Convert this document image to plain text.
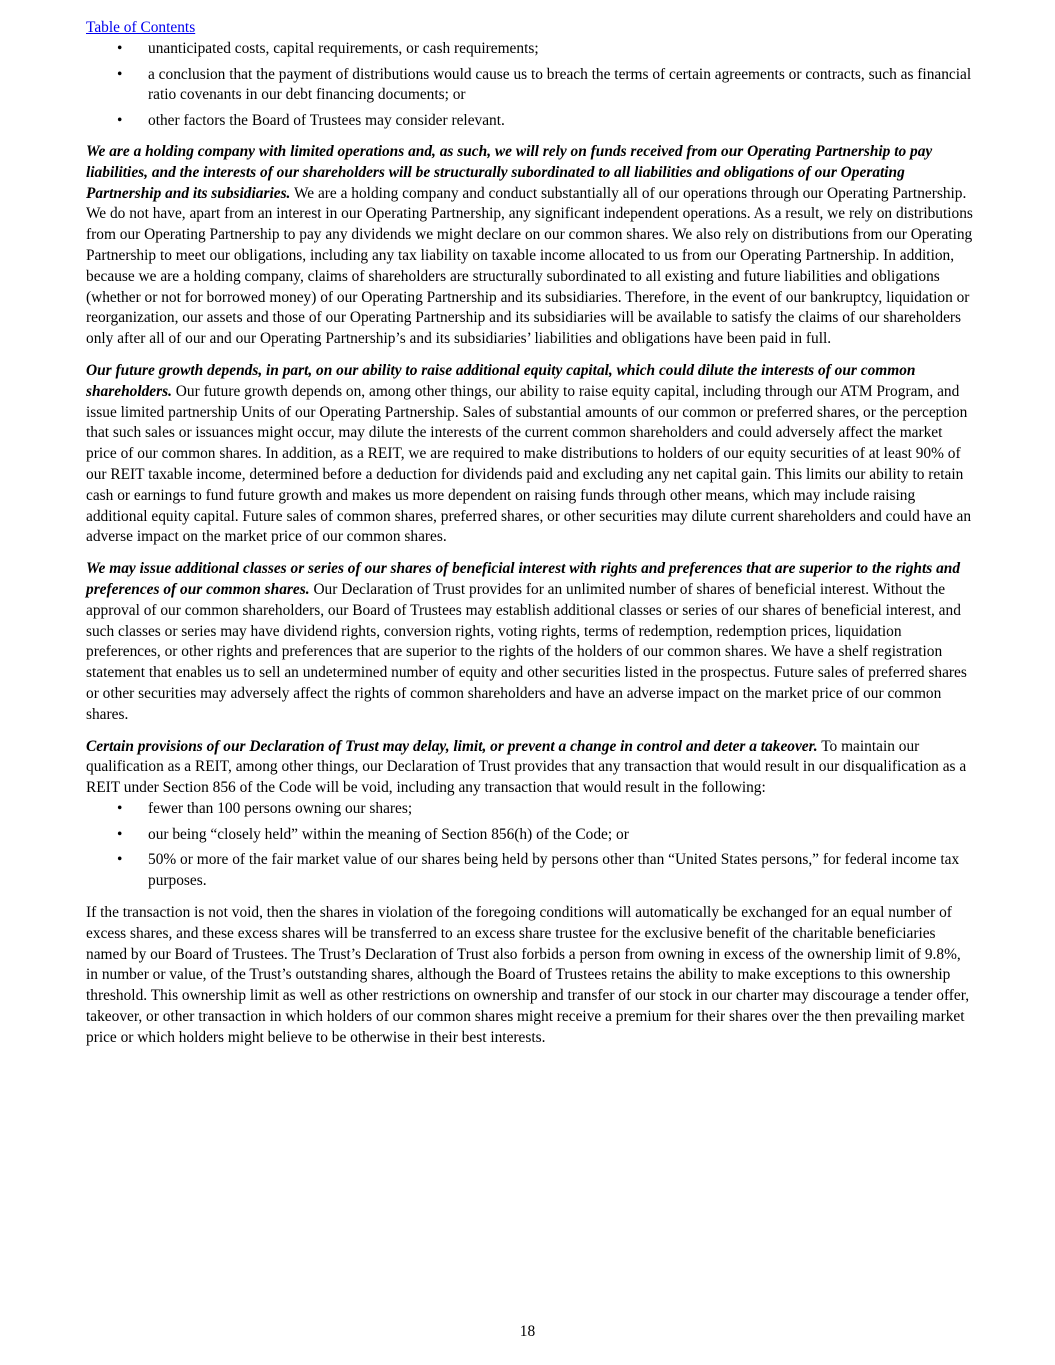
Table of Contents
• unanticipated costs, capital requirements, or cash requirements;
• a conclusion that the payment of distributions would cause us to breach the terms of certain agreements or contracts, such as financial ratio covenants in our debt financing documents; or
• other factors the Board of Trustees may consider relevant.

We are a holding company with limited operations and, as such, we will rely on funds received from our Operating Partnership to pay liabilities, and the interests of our shareholders will be structurally subordinated to all liabilities and obligations of our Operating Partnership and its subsidiaries. We are a holding company and conduct substantially all of our operations through our Operating Partnership. We do not have, apart from an interest in our Operating Partnership, any significant independent operations. As a result, we rely on distributions from our Operating Partnership to pay any dividends we might declare on our common shares. We also rely on distributions from our Operating Partnership to meet our obligations, including any tax liability on taxable income allocated to us from our Operating Partnership. In addition, because we are a holding company, claims of shareholders are structurally subordinated to all existing and future liabilities and obligations (whether or not for borrowed money) of our Operating Partnership and its subsidiaries. Therefore, in the event of our bankruptcy, liquidation or reorganization, our assets and those of our Operating Partnership and its subsidiaries will be available to satisfy the claims of our shareholders only after all of our and our Operating Partnership’s and its subsidiaries’ liabilities and obligations have been paid in full.

Our future growth depends, in part, on our ability to raise additional equity capital, which could dilute the interests of our common shareholders. Our future growth depends on, among other things, our ability to raise equity capital, including through our ATM Program, and issue limited partnership Units of our Operating Partnership. Sales of substantial amounts of our common or preferred shares, or the perception that such sales or issuances might occur, may dilute the interests of the current common shareholders and could adversely affect the market price of our common shares. In addition, as a REIT, we are required to make distributions to holders of our equity securities of at least 90% of our REIT taxable income, determined before a deduction for dividends paid and excluding any net capital gain. This limits our ability to retain cash or earnings to fund future growth and makes us more dependent on raising funds through other means, which may include raising additional equity capital. Future sales of common shares, preferred shares, or other securities may dilute current shareholders and could have an adverse impact on the market price of our common shares.

We may issue additional classes or series of our shares of beneficial interest with rights and preferences that are superior to the rights and preferences of our common shares. Our Declaration of Trust provides for an unlimited number of shares of beneficial interest. Without the approval of our common shareholders, our Board of Trustees may establish additional classes or series of our shares of beneficial interest, and such classes or series may have dividend rights, conversion rights, voting rights, terms of redemption, redemption prices, liquidation preferences, or other rights and preferences that are superior to the rights of the holders of our common shares. We have a shelf registration statement that enables us to sell an undetermined number of equity and other securities listed in the prospectus. Future sales of preferred shares or other securities may adversely affect the rights of common shareholders and have an adverse impact on the market price of our common shares.

Certain provisions of our Declaration of Trust may delay, limit, or prevent a change in control and deter a takeover. To maintain our qualification as a REIT, among other things, our Declaration of Trust provides that any transaction that would result in our disqualification as a REIT under Section 856 of the Code will be void, including any transaction that would result in the following:

• fewer than 100 persons owning our shares;
• our being “closely held” within the meaning of Section 856(h) of the Code; or
• 50% or more of the fair market value of our shares being held by persons other than “United States persons,” for federal income tax purposes.

If the transaction is not void, then the shares in violation of the foregoing conditions will automatically be exchanged for an equal number of excess shares, and these excess shares will be transferred to an excess share trustee for the exclusive benefit of the charitable beneficiaries named by our Board of Trustees. The Trust’s Declaration of Trust also forbids a person from owning in excess of the ownership limit of 9.8%, in number or value, of the Trust’s outstanding shares, although the Board of Trustees retains the ability to make exceptions to this ownership threshold. This ownership limit as well as other restrictions on ownership and transfer of our stock in our charter may discourage a tender offer, takeover, or other transaction in which holders of our common shares might receive a premium for their shares over the then prevailing market price or which holders might believe to be otherwise in their best interests.

18
